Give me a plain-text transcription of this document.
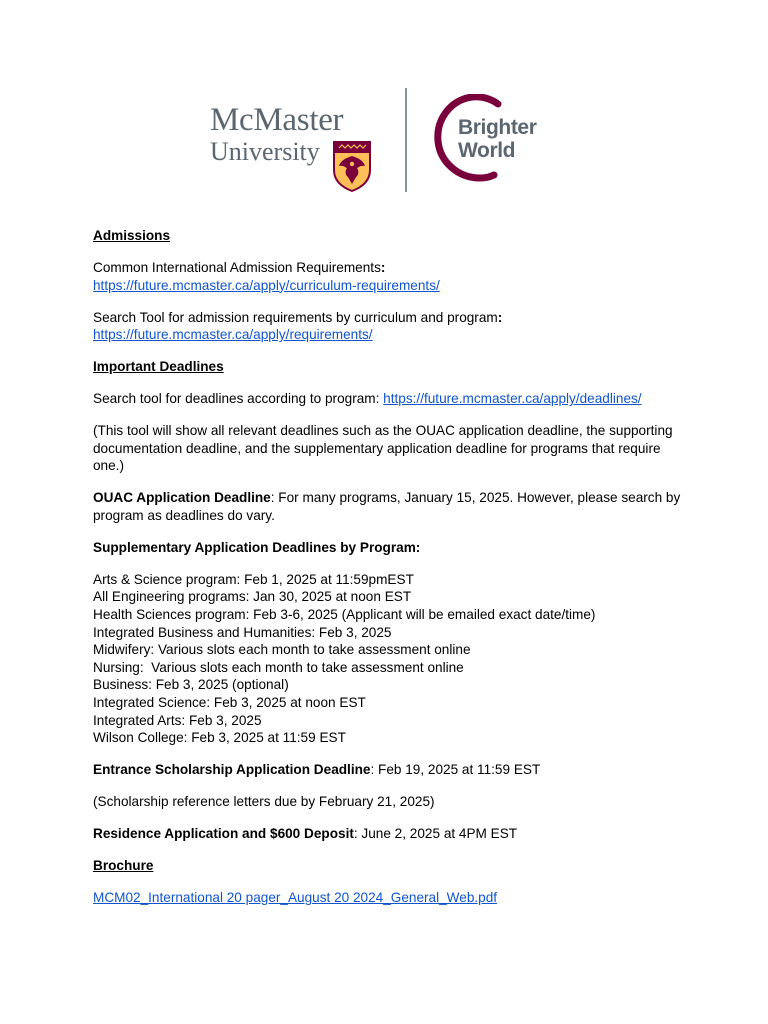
McMaster
University
Brighter
World

Admissions

Common International Admission Requirements:

https://future.mcmaster.ca/apply/curriculum-requirements/

Search Tool for admission requirements by curriculum and program:

https://future.mcmaster.ca/apply/requirements/

Important Deadlines

Search tool for deadlines according to program: https://future.mcmaster.ca/apply/deadlines/

(This tool will show all relevant deadlines such as the OUAC application deadline, the supporting documentation deadline, and the supplementary application deadline for programs that require one.)

OUAC Application Deadline: For many programs, January 15, 2025. However, please search by program as deadlines do vary.

Supplementary Application Deadlines by Program:

Arts & Science program: Feb 1, 2025 at 11:59pmEST

All Engineering programs: Jan 30, 2025 at noon EST

Health Sciences program: Feb 3-6, 2025 (Applicant will be emailed exact date/time)

Integrated Business and Humanities: Feb 3, 2025

Midwifery: Various slots each month to take assessment online

Nursing:  Various slots each month to take assessment online

Business: Feb 3, 2025 (optional)

Integrated Science: Feb 3, 2025 at noon EST

Integrated Arts: Feb 3, 2025

Wilson College: Feb 3, 2025 at 11:59 EST

Entrance Scholarship Application Deadline: Feb 19, 2025 at 11:59 EST

(Scholarship reference letters due by February 21, 2025)

Residence Application and $600 Deposit: June 2, 2025 at 4PM EST

Brochure

MCM02_International 20 pager_August 20 2024_General_Web.pdf
